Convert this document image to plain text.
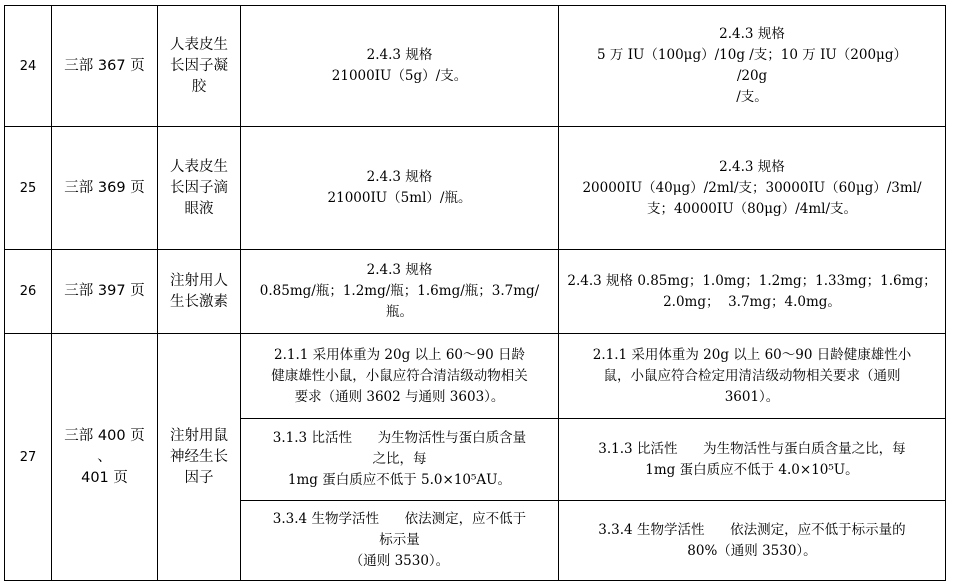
24 三部 367 页
人表皮生
长因子凝
胶
2.4.3 规格
21000IU（5g）/支。
2.4.3 规格
5 万 IU（100μg）/10g /支；10 万 IU（200μg）
/20g
/支。
25 三部 369 页
人表皮生
长因子滴
眼液
2.4.3 规格
21000IU（5ml）/瓶。
2.4.3 规格
20000IU（40μg）/2ml/支；30000IU（60μg）/3ml/
支；40000IU（80μg）/4ml/支。
26 三部 397 页
注射用人
生长激素
2.4.3 规格
0.85mg/瓶；1.2mg/瓶；1.6mg/瓶；3.7mg/
瓶。
2.4.3 规格 0.85mg；1.0mg；1.2mg；1.33mg；1.6mg；
2.0mg；  3.7mg；4.0mg。
27
三部 400 页
、
401 页
注射用鼠
神经生长
因子
2.1.1 采用体重为 20g 以上 60～90 日龄
健康雄性小鼠，小鼠应符合清洁级动物相关
要求（通则 3602 与通则 3603）。
2.1.1 采用体重为 20g 以上 60～90 日龄健康雄性小
鼠，小鼠应符合检定用清洁级动物相关要求（通则
3601）。
3.1.3 比活性      为生物活性与蛋白质含量
之比，每
1mg 蛋白质应不低于 5.0×10⁵AU。
3.1.3 比活性      为生物活性与蛋白质含量之比，每
1mg 蛋白质应不低于 4.0×10⁵U。
3.3.4 生物学活性      依法测定，应不低于
标示量
（通则 3530）。
3.3.4 生物学活性      依法测定，应不低于标示量的
80%（通则 3530）。
